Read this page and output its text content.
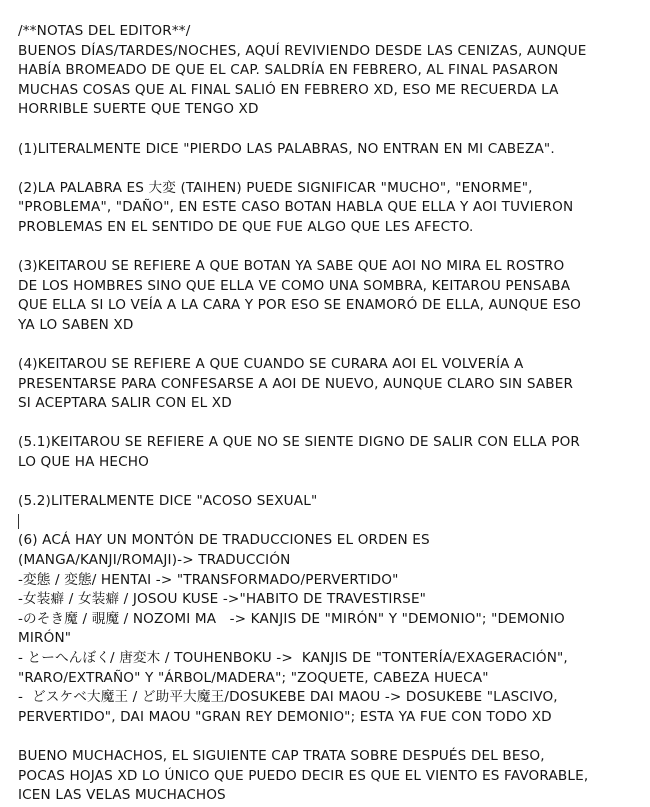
/**NOTAS DEL EDITOR**/
BUENOS DÍAS/TARDES/NOCHES, AQUÍ REVIVIENDO DESDE LAS CENIZAS, AUNQUE
HABÍA BROMEADO DE QUE EL CAP. SALDRÍA EN FEBRERO, AL FINAL PASARON
MUCHAS COSAS QUE AL FINAL SALIÓ EN FEBRERO XD, ESO ME RECUERDA LA
HORRIBLE SUERTE QUE TENGO XD
(1)LITERALMENTE DICE "PIERDO LAS PALABRAS, NO ENTRAN EN MI CABEZA".
(2)LA PALABRA ES 大変 (TAIHEN) PUEDE SIGNIFICAR "MUCHO", "ENORME",
"PROBLEMA", "DAÑO", EN ESTE CASO BOTAN HABLA QUE ELLA Y AOI TUVIERON
PROBLEMAS EN EL SENTIDO DE QUE FUE ALGO QUE LES AFECTO.
(3)KEITAROU SE REFIERE A QUE BOTAN YA SABE QUE AOI NO MIRA EL ROSTRO
DE LOS HOMBRES SINO QUE ELLA VE COMO UNA SOMBRA, KEITAROU PENSABA
QUE ELLA SI LO VEÍA A LA CARA Y POR ESO SE ENAMORÓ DE ELLA, AUNQUE ESO
YA LO SABEN XD
(4)KEITAROU SE REFIERE A QUE CUANDO SE CURARA AOI EL VOLVERÍA A
PRESENTARSE PARA CONFESARSE A AOI DE NUEVO, AUNQUE CLARO SIN SABER
SI ACEPTARA SALIR CON EL XD
(5.1)KEITAROU SE REFIERE A QUE NO SE SIENTE DIGNO DE SALIR CON ELLA POR
LO QUE HA HECHO
(5.2)LITERALMENTE DICE "ACOSO SEXUAL"
(6) ACÁ HAY UN MONTÓN DE TRADUCCIONES EL ORDEN ES
(MANGA/KANJI/ROMAJI)-> TRADUCCIÓN
-変態 / 変態/ HENTAI -> "TRANSFORMADO/PERVERTIDO"
-女装癖 / 女装癖 / JOSOU KUSE ->"HABITO DE TRAVESTIRSE"
-のそき魔 / 覗魔 / NOZOMI MA   -> KANJIS DE "MIRÓN" Y "DEMONIO"; "DEMONIO
MIRÓN"
- とーへんぼく/ 唐変木 / TOUHENBOKU ->  KANJIS DE "TONTERÍA/EXAGERACIÓN",
"RARO/EXTRAÑO" Y "ÁRBOL/MADERA"; "ZOQUETE, CABEZA HUECA"
-  どスケベ大魔王 / ど助平大魔王/DOSUKEBE DAI MAOU -> DOSUKEBE "LASCIVO,
PERVERTIDO", DAI MAOU "GRAN REY DEMONIO"; ESTA YA FUE CON TODO XD
BUENO MUCHACHOS, EL SIGUIENTE CAP TRATA SOBRE DESPUÉS DEL BESO,
POCAS HOJAS XD LO ÚNICO QUE PUEDO DECIR ES QUE EL VIENTO ES FAVORABLE,
ICEN LAS VELAS MUCHACHOS
